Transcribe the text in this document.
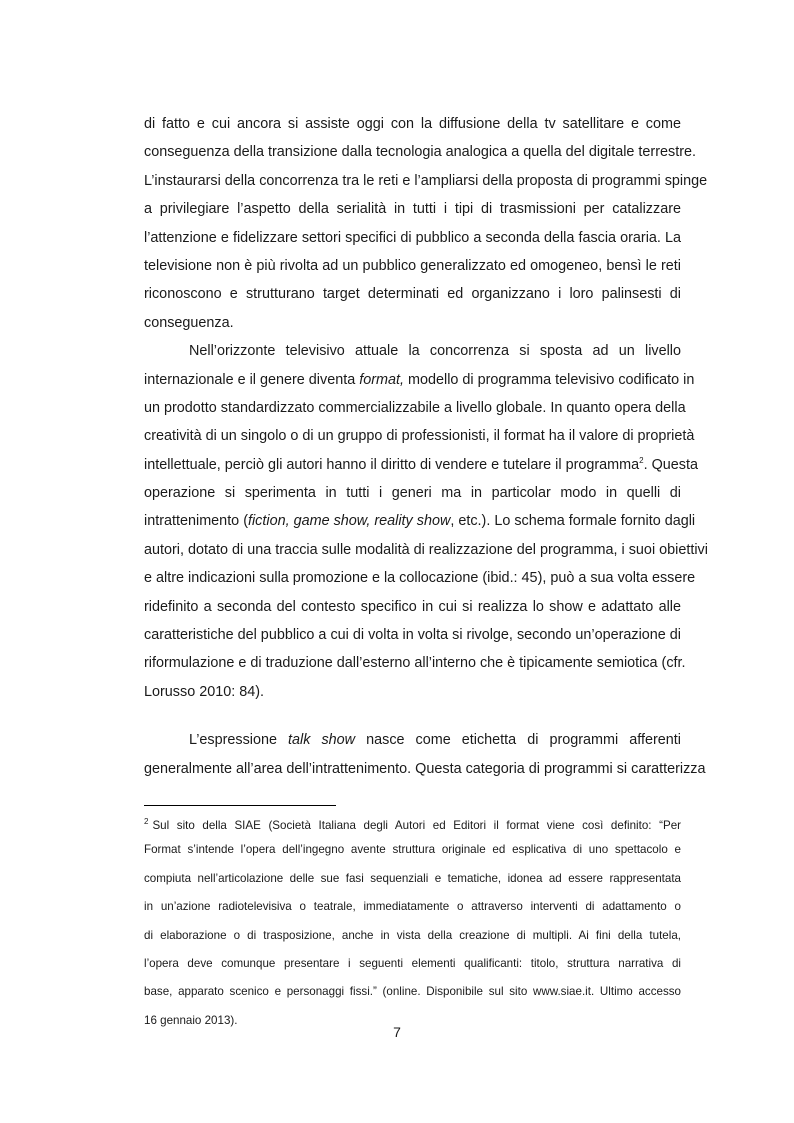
di fatto e cui ancora si assiste oggi con la diffusione della tv satellitare e come
conseguenza della transizione dalla tecnologia analogica a quella del digitale terrestre.
L’instaurarsi della concorrenza tra le reti e l’ampliarsi della proposta di programmi spinge
a privilegiare l’aspetto della serialità in tutti i tipi di trasmissioni per catalizzare
l’attenzione e fidelizzare settori specifici di pubblico a seconda della fascia oraria. La
televisione non è più rivolta ad un pubblico generalizzato ed omogeneo, bensì le reti
riconoscono e strutturano target determinati ed organizzano i loro palinsesti di
conseguenza.
Nell’orizzonte televisivo attuale la concorrenza si sposta ad un livello
internazionale e il genere diventa format, modello di programma televisivo codificato in
un prodotto standardizzato commercializzabile a livello globale. In quanto opera della
creatività di un singolo o di un gruppo di professionisti, il format ha il valore di proprietà
intellettuale, perciò gli autori hanno il diritto di vendere e tutelare il programma$^2$. Questa
operazione si sperimenta in tutti i generi ma in particolar modo in quelli di
intrattenimento (fiction, game show, reality show, etc.). Lo schema formale fornito dagli
autori, dotato di una traccia sulle modalità di realizzazione del programma, i suoi obiettivi
e altre indicazioni sulla promozione e la collocazione (ibid.: 45), può a sua volta essere
ridefinito a seconda del contesto specifico in cui si realizza lo show e adattato alle
caratteristiche del pubblico a cui di volta in volta si rivolge, secondo un’operazione di
riformulazione e di traduzione dall’esterno all’interno che è tipicamente semiotica (cfr.
Lorusso 2010: 84).
L’espressione talk show nasce come etichetta di programmi afferenti
generalmente all’area dell’intrattenimento. Questa categoria di programmi si caratterizza
$^2$ Sul sito della SIAE (Società Italiana degli Autori ed Editori il format viene così definito: “Per
Format s’intende l’opera dell’ingegno avente struttura originale ed esplicativa di uno spettacolo e
compiuta nell’articolazione delle sue fasi sequenziali e tematiche, idonea ad essere rappresentata
in un’azione radiotelevisiva o teatrale, immediatamente o attraverso interventi di adattamento o
di elaborazione o di trasposizione, anche in vista della creazione di multipli. Ai fini della tutela,
l’opera deve comunque presentare i seguenti elementi qualificanti: titolo, struttura narrativa di
base, apparato scenico e personaggi fissi.” (online. Disponibile sul sito www.siae.it. Ultimo accesso
16 gennaio 2013).
7
